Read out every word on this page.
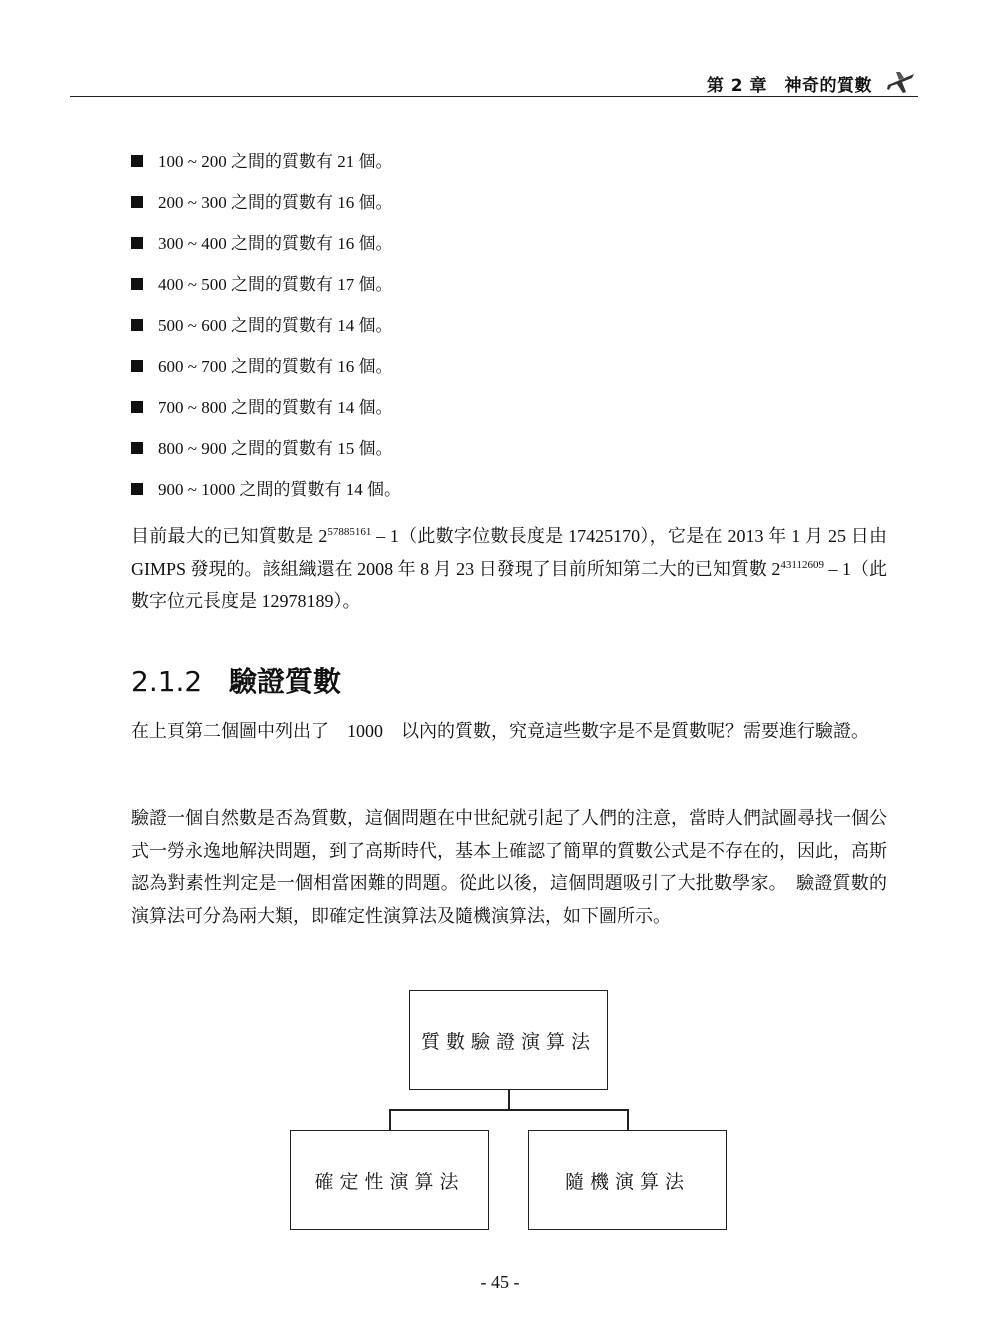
第 2 章　神奇的質數
100 ~ 200
之間的質數有 21 個。
200 ~ 300
之間的質數有 16 個。
300 ~ 400
之間的質數有 16 個。
400 ~ 500
之間的質數有 17 個。
500 ~ 600
之間的質數有 14 個。
600 ~ 700
之間的質數有 16 個。
700 ~ 800
之間的質數有 14 個。
800 ~ 900
之間的質數有 15 個。
900 ~ 1000
之間的質數有 14 個。

目前最大的已知質數是 $2^{57885161} - 1$（此數字位數長度是 17425170），它是在 2013 年 1 月 25 日由 GIMPS 發現的。該組織還在 2008 年 8 月 23 日發現了目前所知第二大的已知質數 $2^{43112609} - 1$（此數字位元長度是 12978189）。

2.1.2 驗證質數

在上頁第二個圖中列出了　1000　以內的質數，究竟這些數字是不是質數呢？需要進行驗證。

驗證一個自然數是否為質數，這個問題在中世紀就引起了人們的注意，當時人們試圖尋找一個公式一勞永逸地解決問題，到了高斯時代，基本上確認了簡單的質數公式是不存在的，因此，高斯認為對素性判定是一個相當困難的問題。從此以後，這個問題吸引了大批數學家。　驗證質數的演算法可分為兩大類，即確定性演算法及隨機演算法，如下圖所示。

質數驗證演算法
確定性演算法	隨機演算法
- 45 -
